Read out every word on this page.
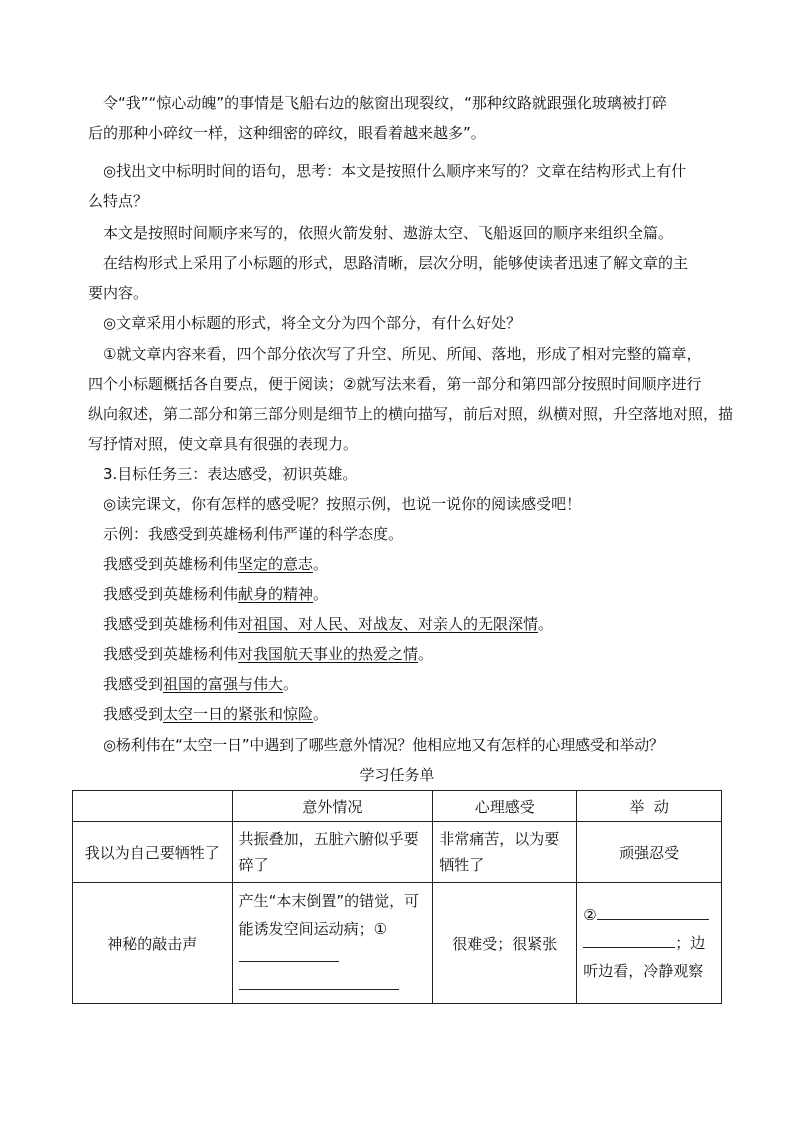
令“我”“惊心动魄”的事情是飞船右边的舷窗出现裂纹，“那种纹路就跟强化玻璃被打碎

后的那种小碎纹一样，这种细密的碎纹，眼看着越来越多”。

◎找出文中标明时间的语句，思考：本文是按照什么顺序来写的？文章在结构形式上有什

么特点？

本文是按照时间顺序来写的，依照火箭发射、遨游太空、飞船返回的顺序来组织全篇。

在结构形式上采用了小标题的形式，思路清晰，层次分明，能够使读者迅速了解文章的主

要内容。

◎文章采用小标题的形式，将全文分为四个部分，有什么好处？

①就文章内容来看，四个部分依次写了升空、所见、所闻、落地，形成了相对完整的篇章，

四个小标题概括各自要点，便于阅读；②就写法来看，第一部分和第四部分按照时间顺序进行

纵向叙述，第二部分和第三部分则是细节上的横向描写，前后对照，纵横对照，升空落地对照，描

写抒情对照，使文章具有很强的表现力。

3.目标任务三：表达感受，初识英雄。

◎读完课文，你有怎样的感受呢？按照示例，也说一说你的阅读感受吧！

示例：我感受到英雄杨利伟严谨的科学态度。

我感受到英雄杨利伟坚定的意志。

我感受到英雄杨利伟献身的精神。

我感受到英雄杨利伟对祖国、对人民、对战友、对亲人的无限深情。

我感受到英雄杨利伟对我国航天事业的热爱之情。

我感受到祖国的富强与伟大。

我感受到太空一日的紧张和惊险。

◎杨利伟在“太空一日”中遇到了哪些意外情况？他相应地又有怎样的心理感受和举动？

学习任务单
	意外情况	心理感受	举  动
我以为自己要牺牲了	共振叠加，五脏六腑似乎要碎了	非常痛苦，以为要牺牲了	顽强忍受
神秘的敲击声	产生“本末倒置”的错觉，可能诱发空间运动病；①	很难受；很紧张	②
；边听边看，冷静观察
